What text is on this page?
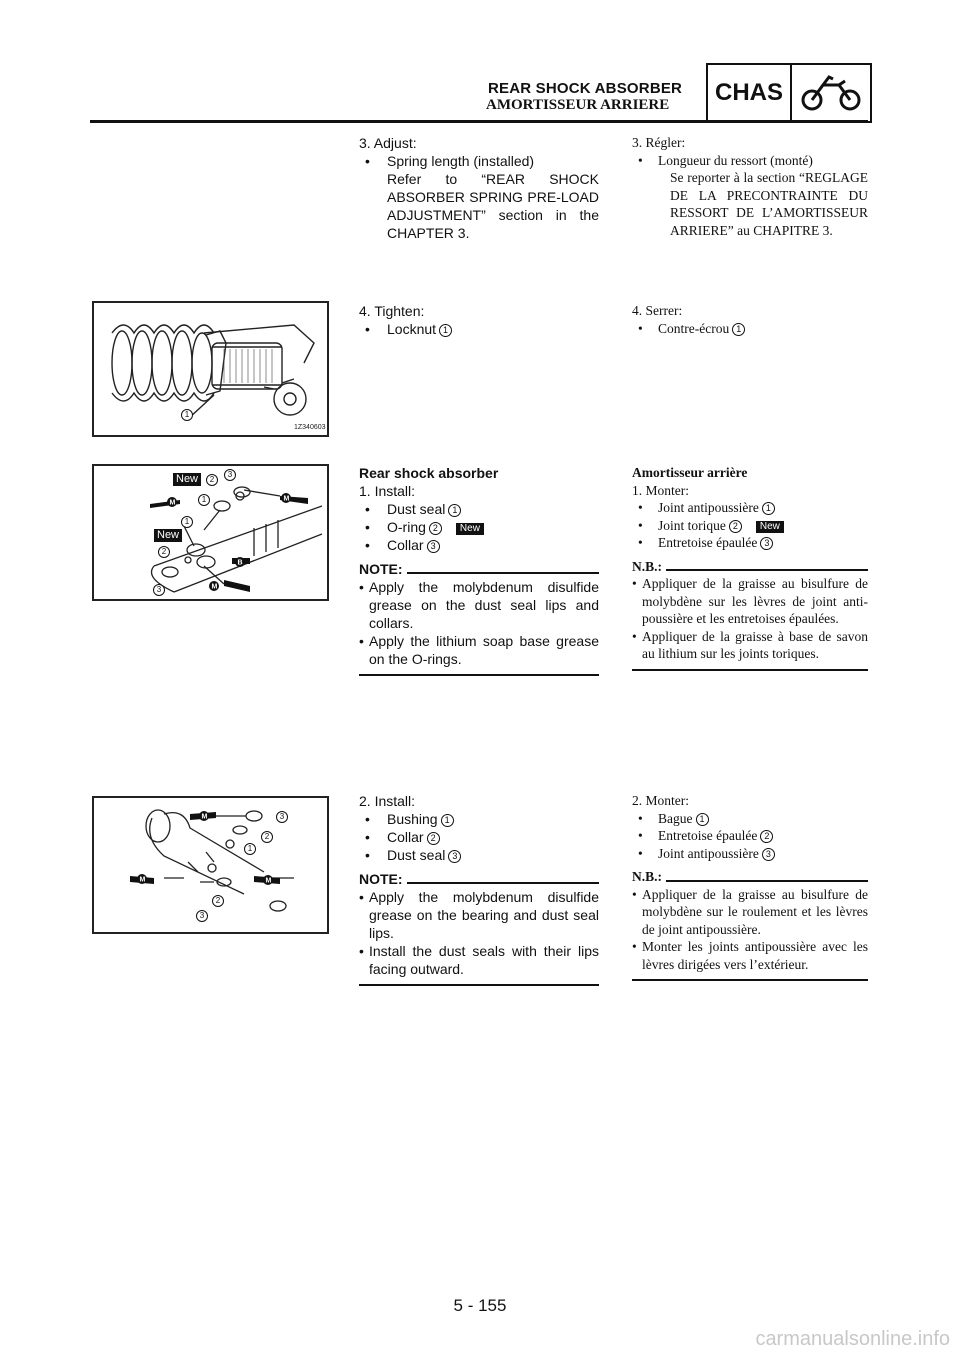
REAR SHOCK ABSORBER
AMORTISSEUR ARRIERE CHAS
3. Adjust:
• Spring length (installed)
Refer to “REAR SHOCK ABSORBER SPRING PRE-LOAD ADJUSTMENT” section in the CHAPTER 3.
3. Régler:
• Longueur du ressort (monté)
Se reporter à la section “REGLAGE DE LA PRECONTRAINTE DU RESSORT DE L’AMORTISSEUR ARRIERE” au CHAPITRE 3.
1Z340603
1
4. Tighten:
• Locknut 1
4. Serrer:
• Contre-écrou 1
M
M
M
B
New
New
2
3
1
1
2
3
Rear shock absorber
1. Install:
• Dust seal 1
• O-ring 2 New
• Collar 3
NOTE:
• Apply the molybdenum disulfide grease on the dust seal lips and collars.
• Apply the lithium soap base grease on the O-rings.
Amortisseur arrière
1. Monter:
• Joint antipoussière 1
• Joint torique 2 New
• Entretoise épaulée 3
N.B.:
• Appliquer de la graisse au bisulfure de molybdène sur les lèvres de joint anti-poussière et les entretoises épaulées.
• Appliquer de la graisse à base de savon au lithium sur les joints toriques.
M
M	M
3
2
1
2
3
2. Install:
• Bushing 1
• Collar 2
• Dust seal 3
NOTE:
• Apply the molybdenum disulfide grease on the bearing and dust seal lips.
• Install the dust seals with their lips facing outward.
2. Monter:
• Bague 1
• Entretoise épaulée 2
• Joint antipoussière 3
N.B.:
• Appliquer de la graisse au bisulfure de molybdène sur le roulement et les lèvres de joint antipoussière.
• Monter les joints antipoussière avec les lèvres dirigées vers l’extérieur.
5 - 155
carmanualsonline.info
